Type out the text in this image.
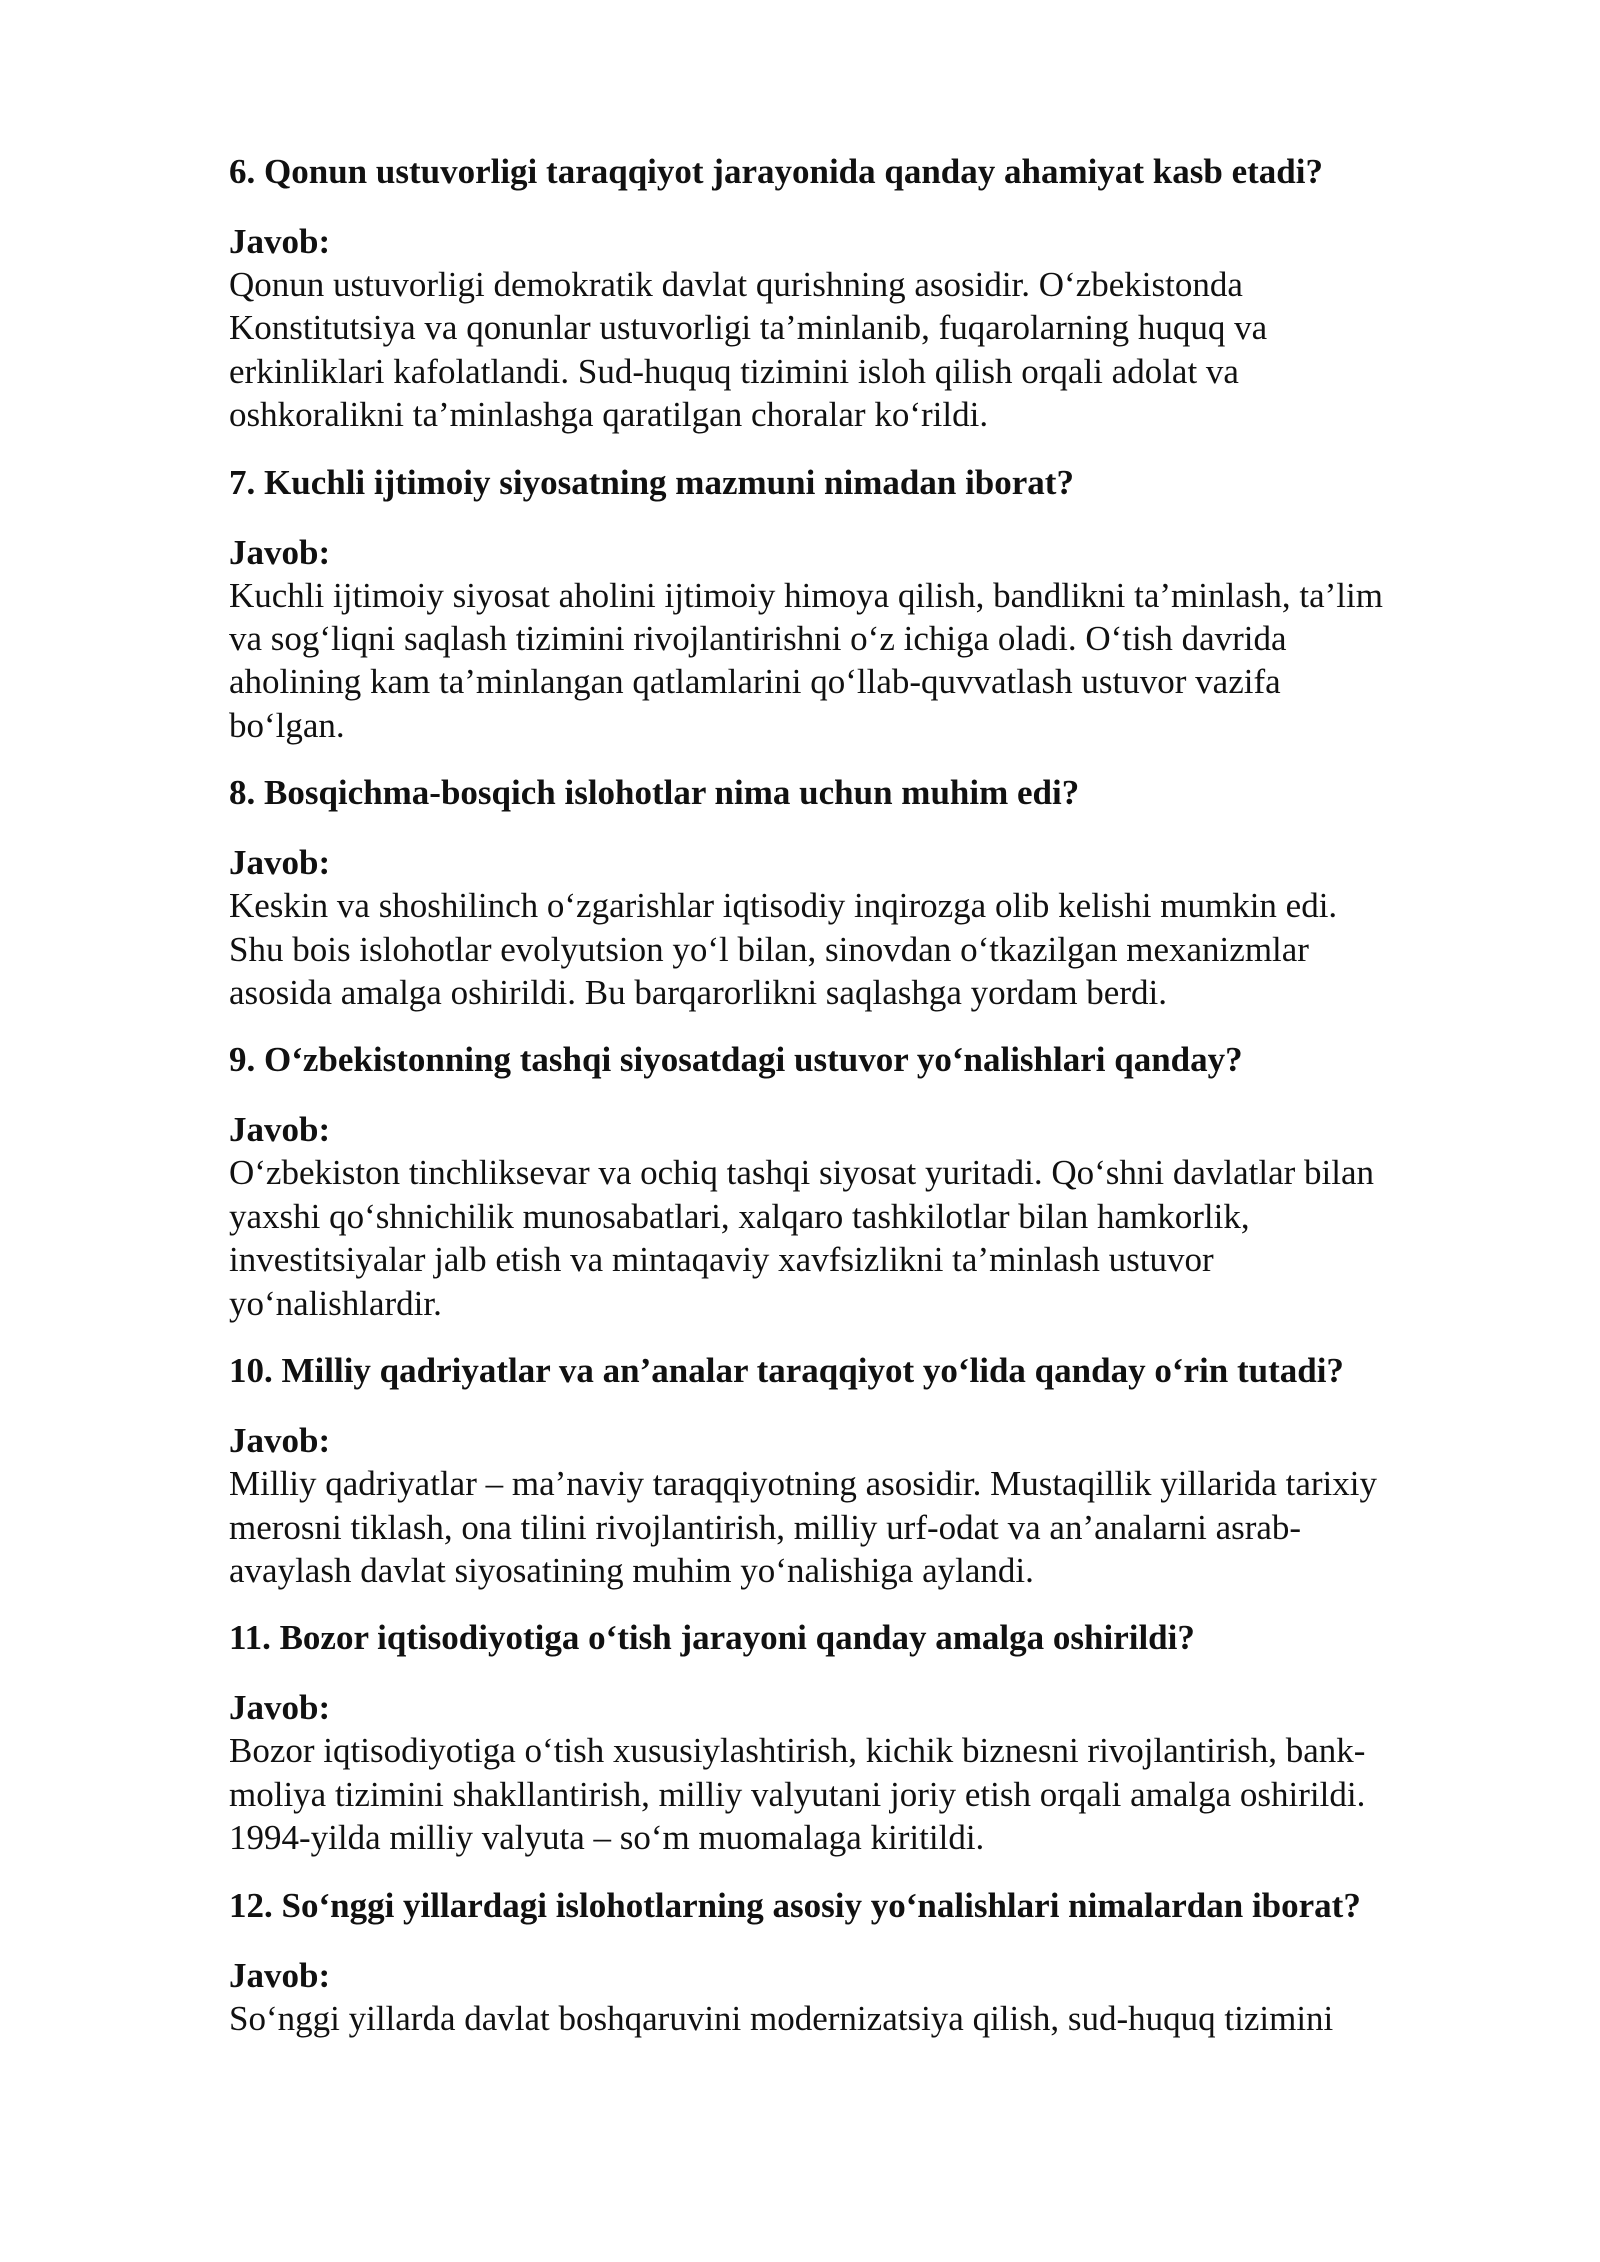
6. Qonun ustuvorligi taraqqiyot jarayonida qanday ahamiyat kasb etadi?

Javob:

Qonun ustuvorligi demokratik davlat qurishning asosidir. O‘zbekistonda
Konstitutsiya va qonunlar ustuvorligi ta’minlanib, fuqarolarning huquq va
erkinliklari kafolatlandi. Sud-huquq tizimini isloh qilish orqali adolat va
oshkoralikni ta’minlashga qaratilgan choralar ko‘rildi.

7. Kuchli ijtimoiy siyosatning mazmuni nimadan iborat?

Javob:

Kuchli ijtimoiy siyosat aholini ijtimoiy himoya qilish, bandlikni ta’minlash, ta’lim
va sog‘liqni saqlash tizimini rivojlantirishni o‘z ichiga oladi. O‘tish davrida
aholining kam ta’minlangan qatlamlarini qo‘llab-quvvatlash ustuvor vazifa
bo‘lgan.

8. Bosqichma-bosqich islohotlar nima uchun muhim edi?

Javob:

Keskin va shoshilinch o‘zgarishlar iqtisodiy inqirozga olib kelishi mumkin edi.
Shu bois islohotlar evolyutsion yo‘l bilan, sinovdan o‘tkazilgan mexanizmlar
asosida amalga oshirildi. Bu barqarorlikni saqlashga yordam berdi.

9. O‘zbekistonning tashqi siyosatdagi ustuvor yo‘nalishlari qanday?

Javob:

O‘zbekiston tinchliksevar va ochiq tashqi siyosat yuritadi. Qo‘shni davlatlar bilan
yaxshi qo‘shnichilik munosabatlari, xalqaro tashkilotlar bilan hamkorlik,
investitsiyalar jalb etish va mintaqaviy xavfsizlikni ta’minlash ustuvor
yo‘nalishlardir.

10. Milliy qadriyatlar va an’analar taraqqiyot yo‘lida qanday o‘rin tutadi?

Javob:

Milliy qadriyatlar – ma’naviy taraqqiyotning asosidir. Mustaqillik yillarida tarixiy
merosni tiklash, ona tilini rivojlantirish, milliy urf-odat va an’analarni asrab-
avaylash davlat siyosatining muhim yo‘nalishiga aylandi.

11. Bozor iqtisodiyotiga o‘tish jarayoni qanday amalga oshirildi?

Javob:

Bozor iqtisodiyotiga o‘tish xususiylashtirish, kichik biznesni rivojlantirish, bank-
moliya tizimini shakllantirish, milliy valyutani joriy etish orqali amalga oshirildi.
1994-yilda milliy valyuta – so‘m muomalaga kiritildi.

12. So‘nggi yillardagi islohotlarning asosiy yo‘nalishlari nimalardan iborat?

Javob:

So‘nggi yillarda davlat boshqaruvini modernizatsiya qilish, sud-huquq tizimini
